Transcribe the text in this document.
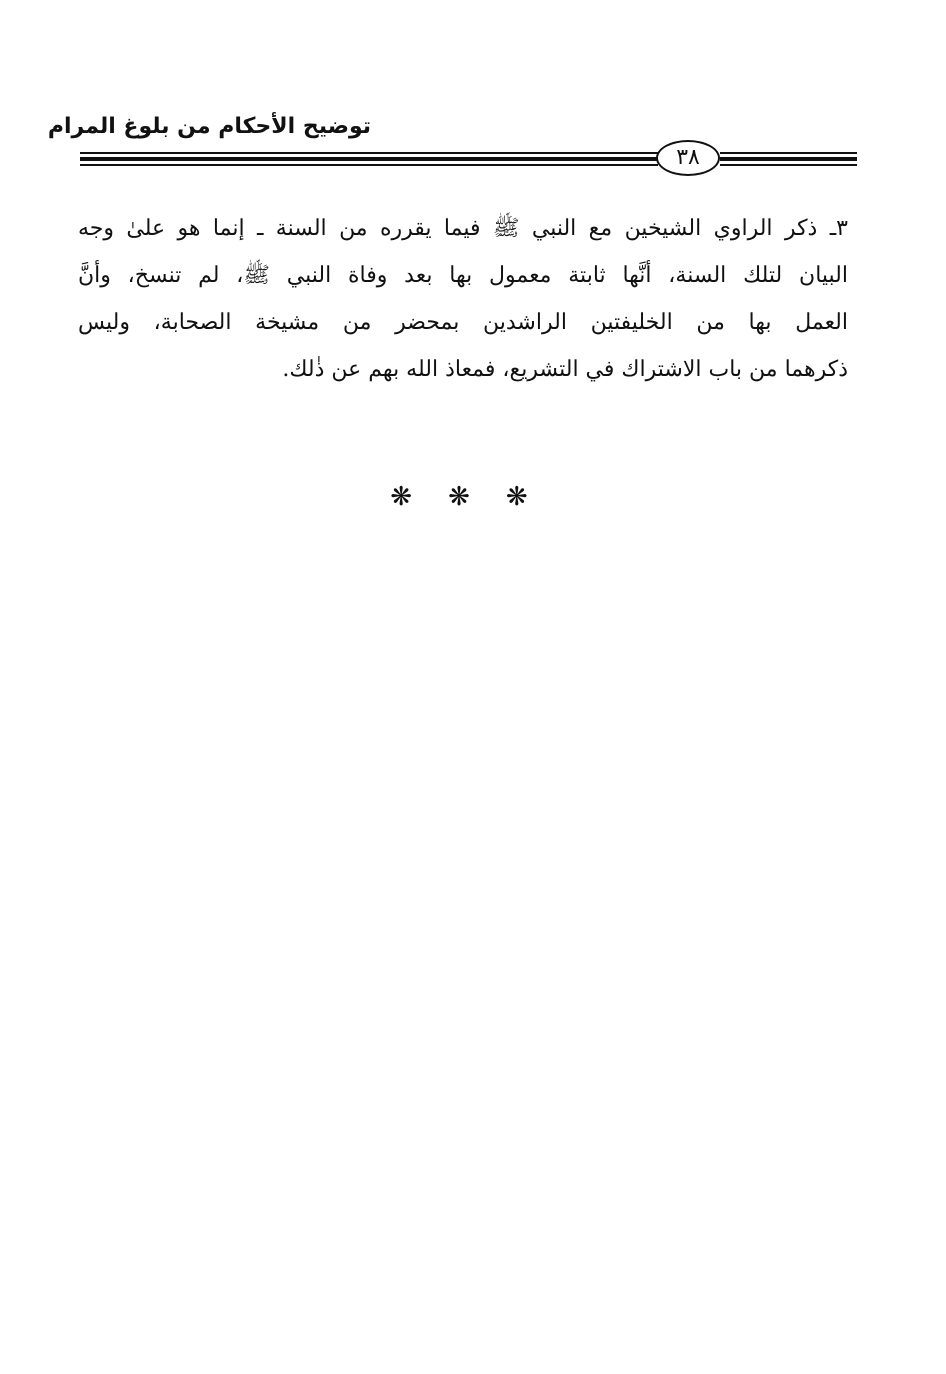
توضيح الأحكام من بلوغ المرام
٣٨
٣ـ ذكر الراوي الشيخين مع النبي ﷺ فيما يقرره من السنة ـ إنما هو علىٰ وجه
البيان لتلك السنة، أنَّها ثابتة معمول بها بعد وفاة النبي ﷺ، لم تنسخ، وأنَّ
العمل بها من الخليفتين الراشدين بمحضر من مشيخة الصحابة، وليس
ذكرهما من باب الاشتراك في التشريع، فمعاذ الله بهم عن ذٰلك.
❋ ❋ ❋
